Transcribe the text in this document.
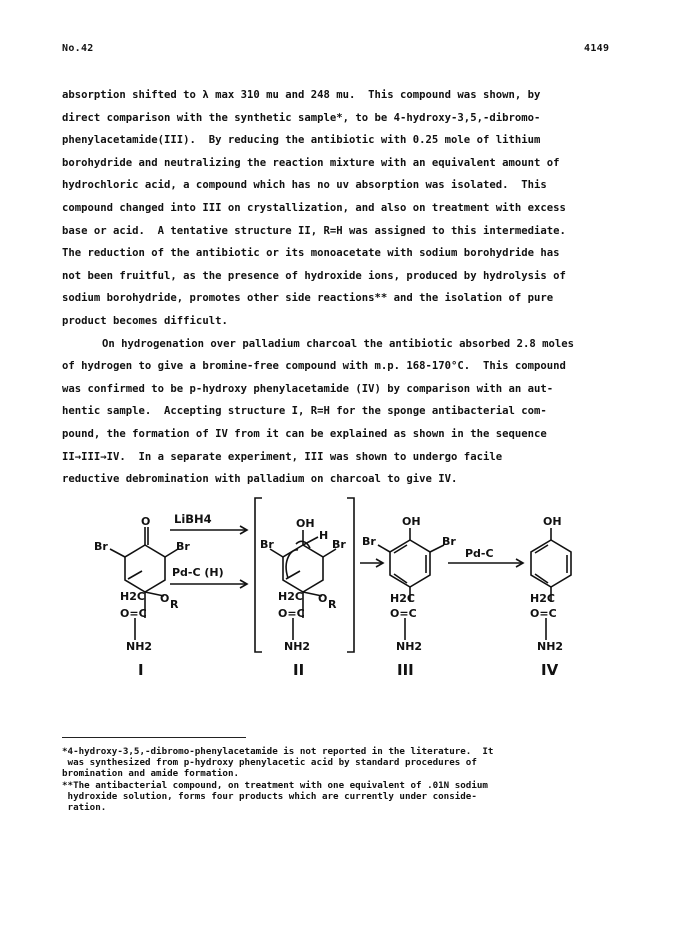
No.42	4149
absorption shifted to λ max 310 mu and 248 mu.  This compound was shown, by
direct comparison with the synthetic sample*, to be 4-hydroxy-3,5,-dibromo-
phenylacetamide(III).  By reducing the antibiotic with 0.25 mole of lithium
borohydride and neutralizing the reaction mixture with an equivalent amount of
hydrochloric acid, a compound which has no uv absorption was isolated.  This
compound changed into III on crystallization, and also on treatment with excess
base or acid.  A tentative structure II, R=H was assigned to this intermediate.
The reduction of the antibiotic or its monoacetate with sodium borohydride has
not been fruitful, as the presence of hydroxide ions, produced by hydrolysis of
sodium borohydride, promotes other side reactions** and the isolation of pure
product becomes difficult.
On hydrogenation over palladium charcoal the antibiotic absorbed 2.8 moles
of hydrogen to give a bromine-free compound with m.p. 168-170°C.  This compound
was confirmed to be p-hydroxy phenylacetamide (IV) by comparison with an aut-
hentic sample.  Accepting structure I, R=H for the sponge antibacterial com-
pound, the formation of IV from it can be explained as shown in the sequence
II→III→IV.  In a separate experiment, III was shown to undergo facile
reductive debromination with palladium on charcoal to give IV.
O
Br	Br
H2C O R
O=C
NH2
I
LiBH4
Pd-C (H)
Pd-C
OH
H
Br	Br
H2C O R
O=C
NH2
II
OH
Br	Br
H2C
O=C
NH2
III
OH
H2C
O=C
NH2
IV
*4-hydroxy-3,5,-dibromo-phenylacetamide is not reported in the literature.  It
was synthesized from p-hydroxy phenylacetic acid by standard procedures of
bromination and amide formation.
**The antibacterial compound, on treatment with one equivalent of .01N sodium
hydroxide solution, forms four products which are currently under conside-
ration.
